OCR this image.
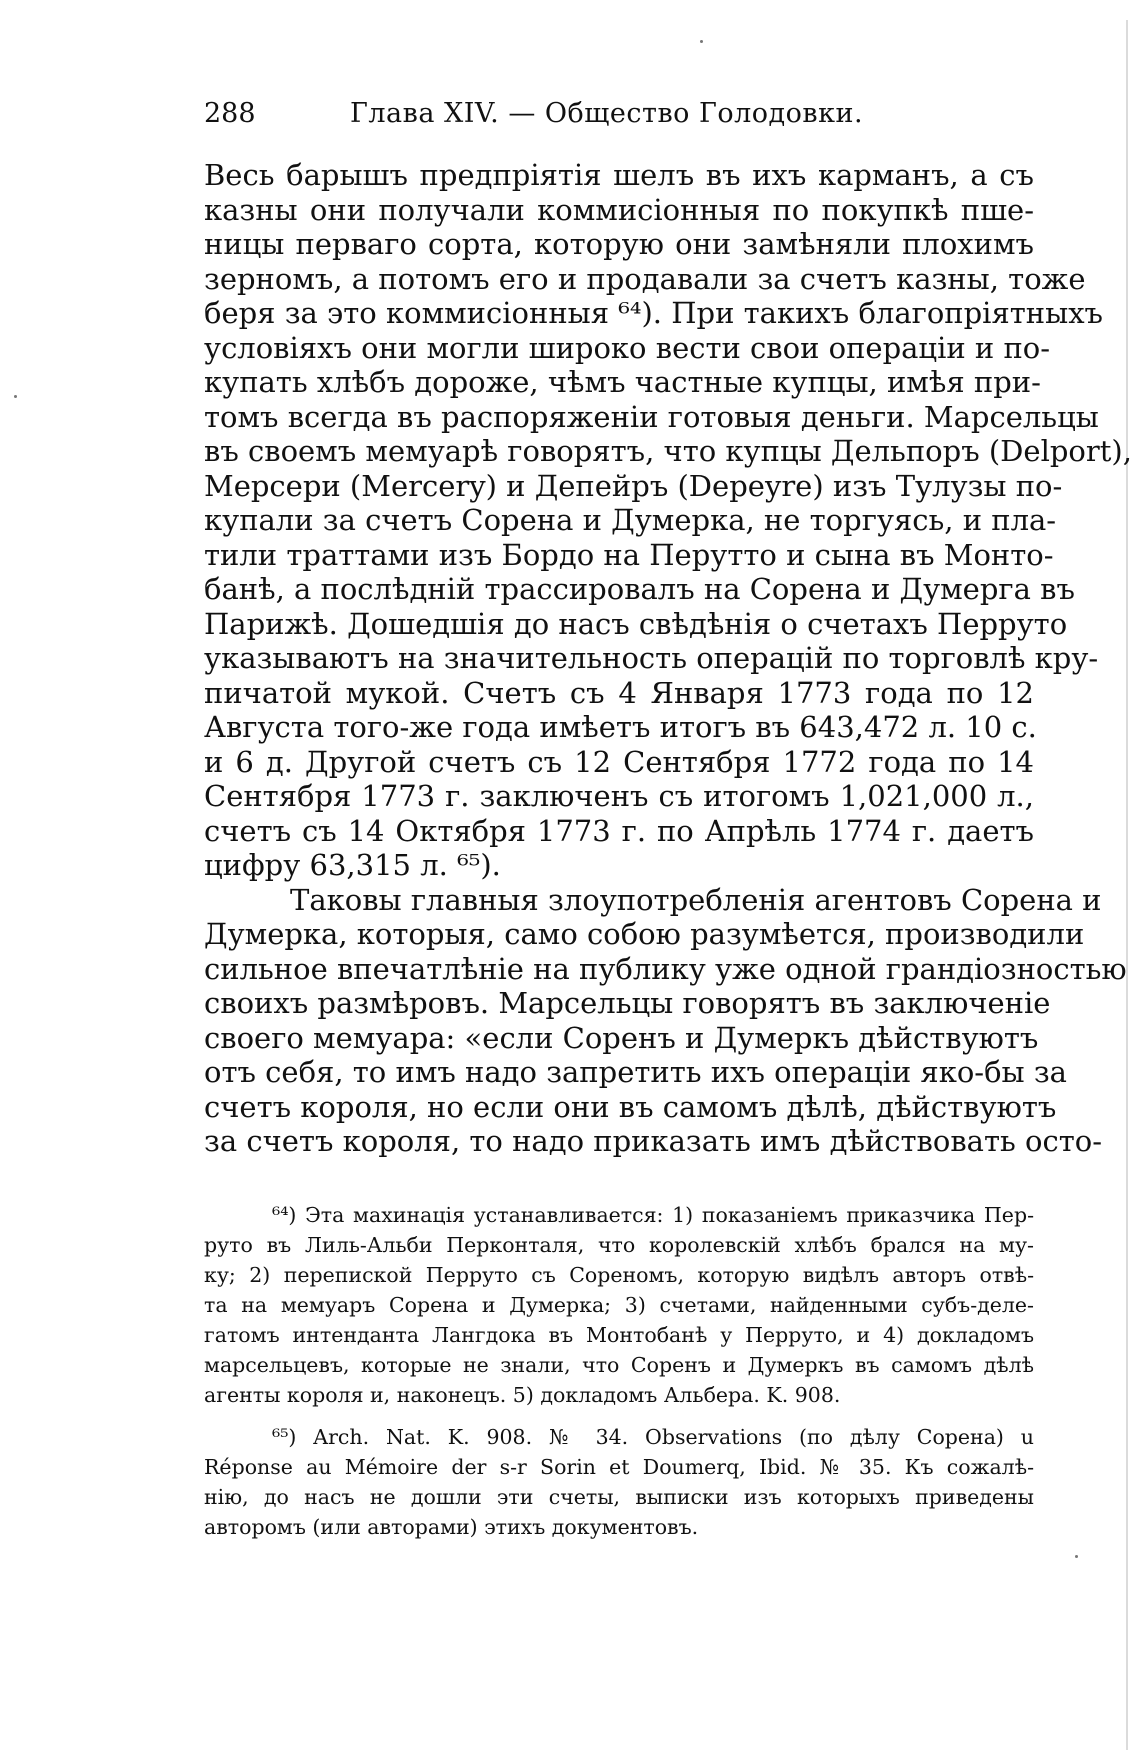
288	Глава XIV. — Общество Голодовки.
Весь барышъ предпріятія шелъ въ ихъ карманъ, а съ
казны они получали коммисіонныя по покупкѣ пше-
ницы перваго сорта, которую они замѣняли плохимъ
зерномъ, а потомъ его и продавали за счетъ казны, тоже
беря за это коммисіонныя ⁶⁴). При такихъ благопріятныхъ
условіяхъ они могли широко вести свои операціи и по-
купать хлѣбъ дороже, чѣмъ частные купцы, имѣя при-
томъ всегда въ распоряженіи готовыя деньги. Марсельцы
въ своемъ мемуарѣ говорятъ, что купцы Дельпоръ (Delport),
Мерсери (Mercery) и Депейръ (Depeyre) изъ Тулузы по-
купали за счетъ Сорена и Думерка, не торгуясь, и пла-
тили траттами изъ Бордо на Перутто и сына въ Монто-
банѣ, а послѣдній трассировалъ на Сорена и Думерга въ
Парижѣ. Дошедшія до насъ свѣдѣнія о счетахъ Перруто
указываютъ на значительность операцій по торговлѣ кру-
пичатой мукой. Счетъ съ 4 Января 1773 года по 12
Августа того-же года имѣетъ итогъ въ 643,472 л. 10 с.
и 6 д. Другой счетъ съ 12 Сентября 1772 года по 14
Сентября 1773 г. заключенъ съ итогомъ 1,021,000 л.,
счетъ съ 14 Октября 1773 г. по Апрѣль 1774 г. даетъ
цифру 63,315 л. ⁶⁵).
Таковы главныя злоупотребленія агентовъ Сорена и
Думерка, которыя, само собою разумѣется, производили
сильное впечатлѣніе на публику уже одной грандіозностью
своихъ размѣровъ. Марсельцы говорятъ въ заключеніе
своего мемуара: «если Соренъ и Думеркъ дѣйствуютъ
отъ себя, то имъ надо запретить ихъ операціи яко-бы за
счетъ короля, но если они въ самомъ дѣлѣ, дѣйствуютъ
за счетъ короля, то надо приказать имъ дѣйствовать осто-
⁶⁴) Эта махинація устанавливается: 1) показаніемъ приказчика Пер-
руто въ Лиль-Альби Перконталя, что королевскій хлѣбъ брался на му-
ку; 2) перепиской Перруто съ Сореномъ, которую видѣлъ авторъ отвѣ-
та на мемуаръ Сорена и Думерка; 3) счетами, найденными субъ-деле-
гатомъ интенданта Лангдока въ Монтобанѣ у Перруто, и 4) докладомъ
марсельцевъ, которые не знали, что Соренъ и Думеркъ въ самомъ дѣлѣ
агенты короля и, наконецъ. 5) докладомъ Альбера. K. 908.
⁶⁵) Arch. Nat. K. 908. № 34. Observations (по дѣлу Сорена) u
Réponse au Mémoire der s-r Sorin et Doumerq, Ibid. № 35. Къ сожалѣ-
нію, до насъ не дошли эти счеты, выписки изъ которыхъ приведены
авторомъ (или авторами) этихъ документовъ.
